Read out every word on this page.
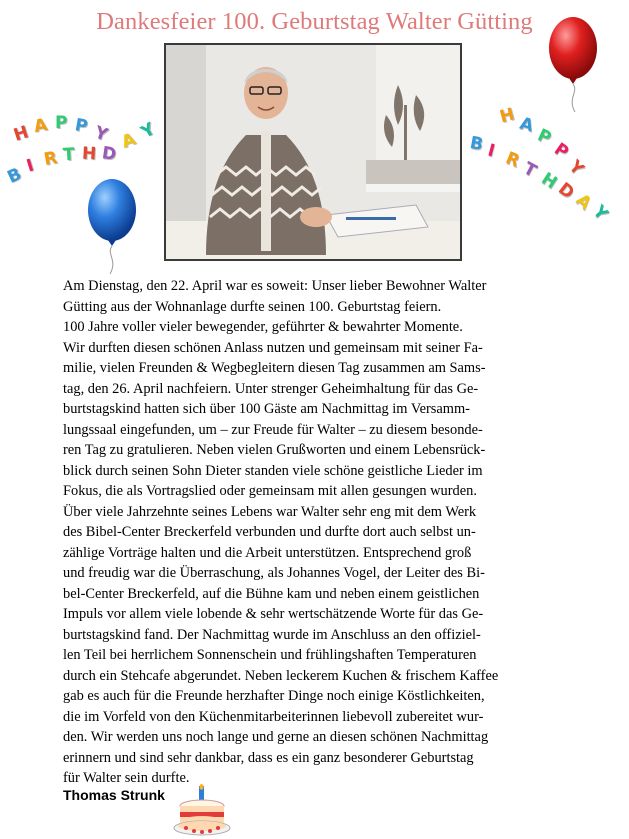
Dankesfeier 100. Geburtstag Walter Gütting
H A P P Y
B I R T H D
A Y
H A
P
P
Y
B I R
T
H
D
A
Y
Am Dienstag, den 22. April war es soweit: Unser lieber Bewohner Walter
Gütting aus der Wohnanlage durfte seinen 100. Geburtstag feiern.
100 Jahre voller vieler bewegender, geführter & bewahrter Momente.
Wir durften diesen schönen Anlass nutzen und gemeinsam mit seiner Fa-
milie, vielen Freunden & Wegbegleitern diesen Tag zusammen am Sams-
tag, den 26. April nachfeiern. Unter strenger Geheimhaltung für das Ge-
burtstagskind hatten sich über 100 Gäste am Nachmittag im Versamm-
lungssaal eingefunden, um – zur Freude für Walter – zu diesem besonde-
ren Tag zu gratulieren. Neben vielen Grußworten und einem Lebensrück-
blick durch seinen Sohn Dieter standen viele schöne geistliche Lieder im
Fokus, die als Vortragslied oder gemeinsam mit allen gesungen wurden.
Über viele Jahrzehnte seines Lebens war Walter sehr eng mit dem Werk
des Bibel-Center Breckerfeld verbunden und durfte dort auch selbst un-
zählige Vorträge halten und die Arbeit unterstützen. Entsprechend groß
und freudig war die Überraschung, als Johannes Vogel, der Leiter des Bi-
bel-Center Breckerfeld, auf die Bühne kam und neben einem geistlichen
Impuls vor allem viele lobende & sehr wertschätzende Worte für das Ge-
burtstagskind fand. Der Nachmittag wurde im Anschluss an den offiziel-
len Teil bei herrlichem Sonnenschein und frühlingshaften Temperaturen
durch ein Stehcafe abgerundet. Neben leckerem Kuchen & frischem Kaffee
gab es auch für die Freunde herzhafter Dinge noch einige Köstlichkeiten,
die im Vorfeld von den Küchenmitarbeiterinnen liebevoll zubereitet wur-
den. Wir werden uns noch lange und gerne an diesen schönen Nachmittag
erinnern und sind sehr dankbar, dass es ein ganz besonderer Geburtstag
für Walter sein durfte.
Thomas Strunk
